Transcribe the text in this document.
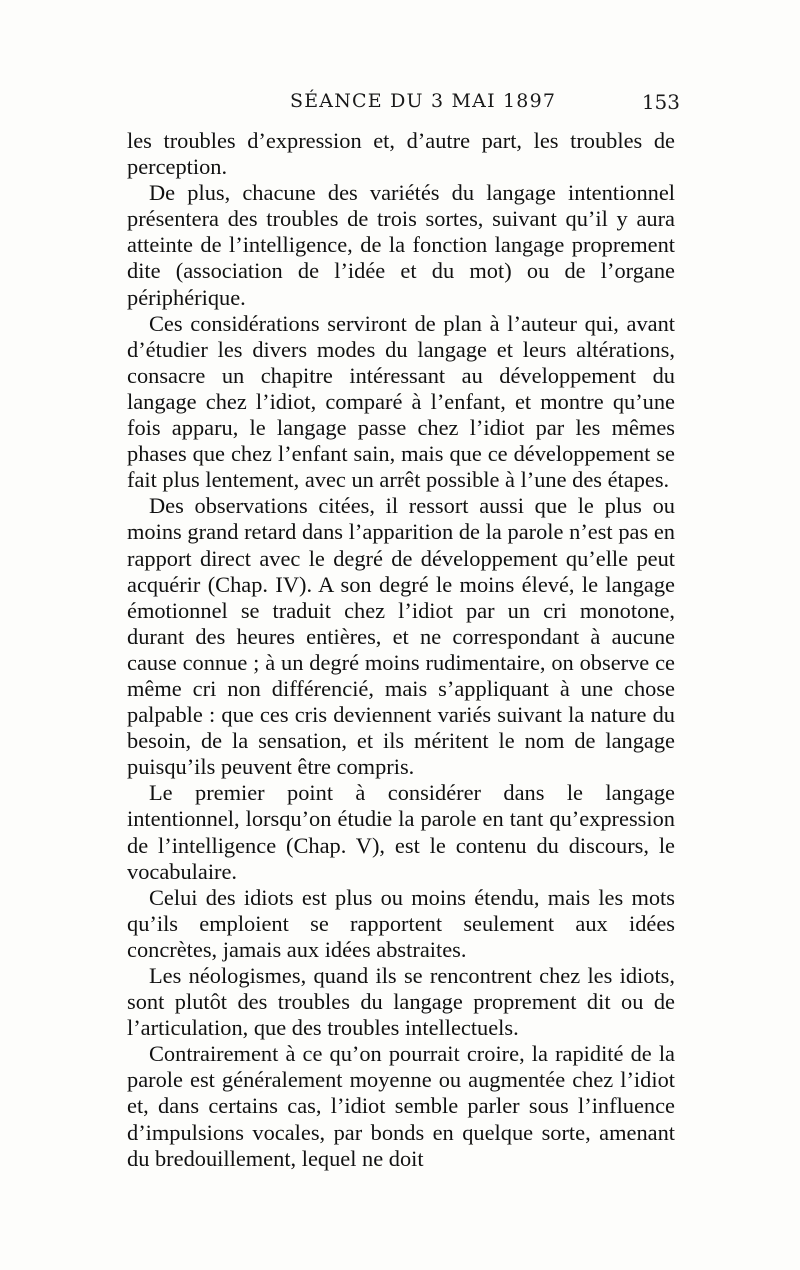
SÉANCE DU 3 MAI 1897	153

les troubles d’expression et, d’autre part, les troubles de perception.

De plus, chacune des variétés du langage intentionnel présentera des troubles de trois sortes, suivant qu’il y aura atteinte de l’intelligence, de la fonction langage proprement dite (association de l’idée et du mot) ou de l’organe périphérique.

Ces considérations serviront de plan à l’auteur qui, avant d’étudier les divers modes du langage et leurs altérations, consacre un chapitre intéressant au développement du langage chez l’idiot, comparé à l’enfant, et montre qu’une fois apparu, le langage passe chez l’idiot par les mêmes phases que chez l’enfant sain, mais que ce développement se fait plus lentement, avec un arrêt possible à l’une des étapes.

Des observations citées, il ressort aussi que le plus ou moins grand retard dans l’apparition de la parole n’est pas en rapport direct avec le degré de développement qu’elle peut acquérir (Chap. IV). A son degré le moins élevé, le langage émotionnel se traduit chez l’idiot par un cri monotone, durant des heures entières, et ne correspondant à aucune cause connue ; à un degré moins rudimentaire, on observe ce même cri non différencié, mais s’appliquant à une chose palpable : que ces cris deviennent variés suivant la nature du besoin, de la sensation, et ils méritent le nom de langage puisqu’ils peuvent être compris.

Le premier point à considérer dans le langage intentionnel, lorsqu’on étudie la parole en tant qu’expression de l’intelligence (Chap. V), est le contenu du discours, le vocabulaire.

Celui des idiots est plus ou moins étendu, mais les mots qu’ils emploient se rapportent seulement aux idées concrètes, jamais aux idées abstraites.

Les néologismes, quand ils se rencontrent chez les idiots, sont plutôt des troubles du langage proprement dit ou de l’articulation, que des troubles intellectuels.

Contrairement à ce qu’on pourrait croire, la rapidité de la parole est généralement moyenne ou augmentée chez l’idiot et, dans certains cas, l’idiot semble parler sous l’influence d’impulsions vocales, par bonds en quelque sorte, amenant du bredouillement, lequel ne doit
